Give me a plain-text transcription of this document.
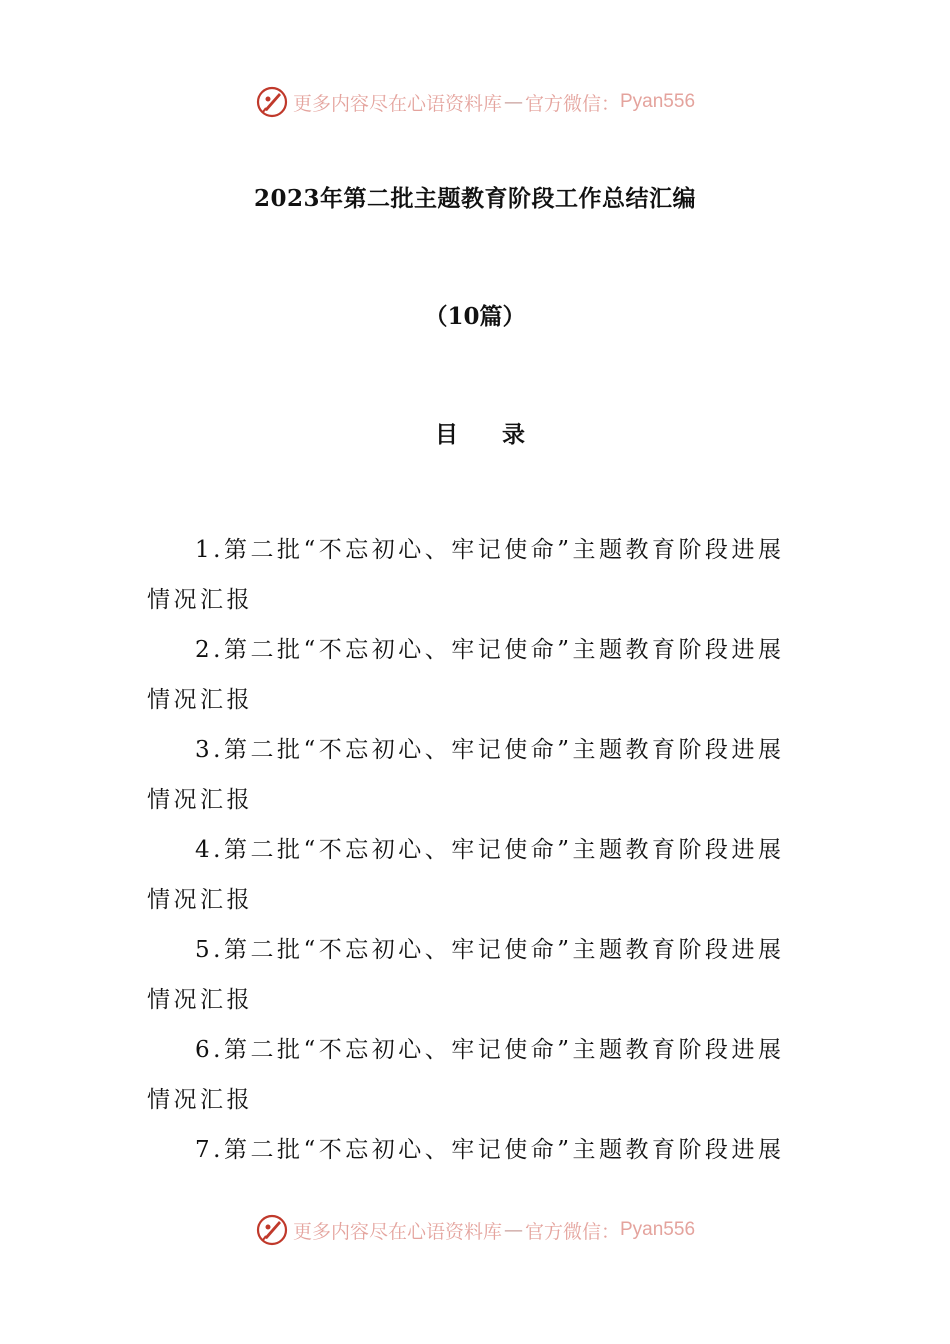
更多内容尽在心语资料库 — 官方微信： Pyan556
2023年第二批主题教育阶段工作总结汇编
（10篇）
目 录
1.第二批“不忘初心、牢记使命”主题教育阶段进展
情况汇报
2.第二批“不忘初心、牢记使命”主题教育阶段进展
情况汇报
3.第二批“不忘初心、牢记使命”主题教育阶段进展
情况汇报
4.第二批“不忘初心、牢记使命”主题教育阶段进展
情况汇报
5.第二批“不忘初心、牢记使命”主题教育阶段进展
情况汇报
6.第二批“不忘初心、牢记使命”主题教育阶段进展
情况汇报
7.第二批“不忘初心、牢记使命”主题教育阶段进展
更多内容尽在心语资料库 — 官方微信： Pyan556
